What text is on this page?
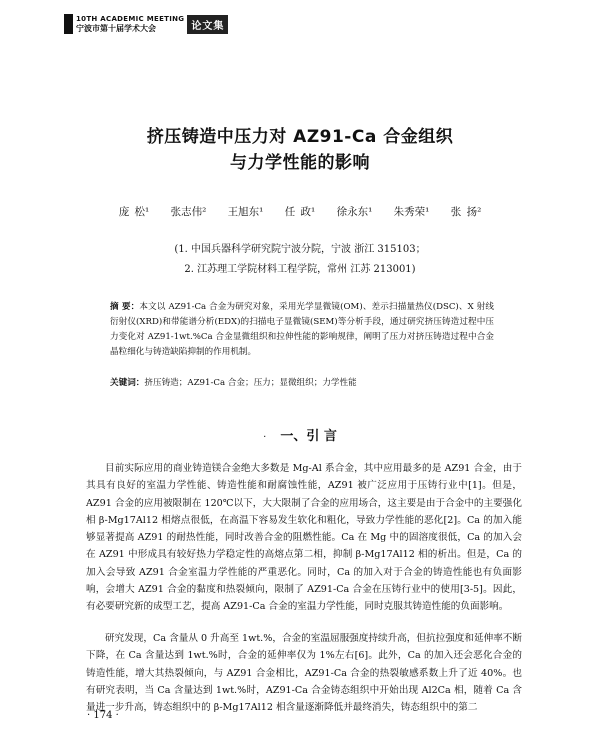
10TH ACADEMIC MEETING
宁波市第十届学术大会	论文集
挤压铸造中压力对 AZ91-Ca 合金组织
与力学性能的影响
庞 松¹ 张志伟² 王旭东¹ 任 政¹ 徐永东¹ 朱秀荣¹ 张 扬²
(1. 中国兵器科学研究院宁波分院，宁波 浙江 315103；
2. 江苏理工学院材料工程学院，常州 江苏 213001)
摘 要：本文以 AZ91-Ca 合金为研究对象，采用光学显微镜(OM)、差示扫描量热仪(DSC)、X 射线衍射仪(XRD)和带能谱分析(EDX)的扫描电子显微镜(SEM)等分析手段，通过研究挤压铸造过程中压力变化对 AZ91-1wt.%Ca 合金显微组织和拉伸性能的影响规律，阐明了压力对挤压铸造过程中合金晶粒细化与铸造缺陷抑制的作用机制。
关键词：挤压铸造；AZ91-Ca 合金；压力；显微组织；力学性能
· 一、引 言
目前实际应用的商业铸造镁合金绝大多数是 Mg-Al 系合金，其中应用最多的是 AZ91 合金，由于其具有良好的室温力学性能、铸造性能和耐腐蚀性能，AZ91 被广泛应用于压铸行业中[1]。但是，AZ91 合金的应用被限制在 120℃以下，大大限制了合金的应用场合，这主要是由于合金中的主要强化相 β-Mg17Al12 相熔点很低，在高温下容易发生软化和粗化，导致力学性能的恶化[2]。Ca 的加入能够显著提高 AZ91 的耐热性能，同时改善合金的阻燃性能。Ca 在 Mg 中的固溶度很低，Ca 的加入会在 AZ91 中形成具有较好热力学稳定性的高熔点第二相，抑制 β-Mg17Al12 相的析出。但是，Ca 的加入会导致 AZ91 合金室温力学性能的严重恶化。同时，Ca 的加入对于合金的铸造性能也有负面影响，会增大 AZ91 合金的黏度和热裂倾向，限制了 AZ91-Ca 合金在压铸行业中的使用[3-5]。因此，有必要研究新的成型工艺，提高 AZ91-Ca 合金的室温力学性能，同时克服其铸造性能的负面影响。
研究发现，Ca 含量从 0 升高至 1wt.%，合金的室温屈服强度持续升高，但抗拉强度和延伸率不断下降，在 Ca 含量达到 1wt.%时，合金的延伸率仅为 1%左右[6]。此外，Ca 的加入还会恶化合金的铸造性能，增大其热裂倾向，与 AZ91 合金相比，AZ91-Ca 合金的热裂敏感系数上升了近 40%。也有研究表明，当 Ca 含量达到 1wt.%时，AZ91-Ca 合金铸态组织中开始出现 Al2Ca 相，随着 Ca 含量进一步升高，铸态组织中的 β-Mg17Al12 相含量逐渐降低并最终消失，铸态组织中的第二
· 174 ·
